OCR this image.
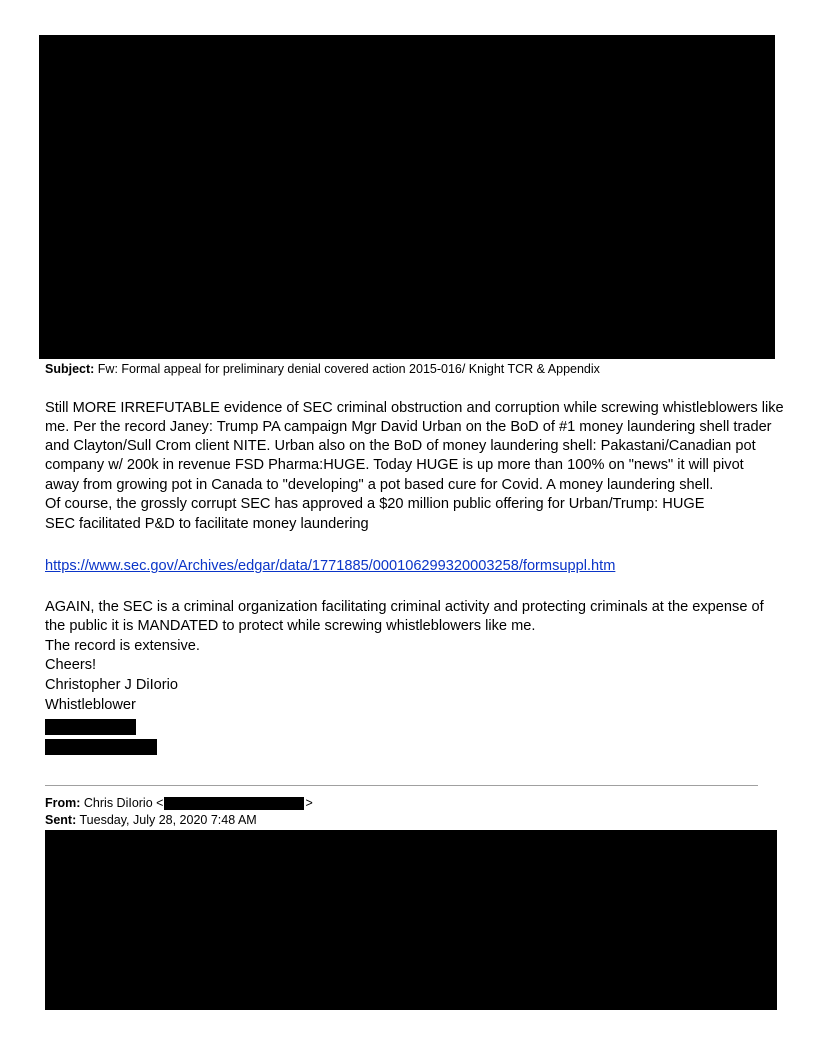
Subject: Fw: Formal appeal for preliminary denial covered action 2015-016/ Knight TCR & Appendix
Still MORE IRREFUTABLE evidence of SEC criminal obstruction and corruption while screwing whistleblowers like
me. Per the record Janey: Trump PA campaign Mgr David Urban on the BoD of #1 money laundering shell trader
and Clayton/Sull Crom client NITE. Urban also on the BoD of money laundering shell: Pakastani/Canadian pot
company w/ 200k in revenue FSD Pharma:HUGE. Today HUGE is up more than 100% on "news" it will pivot
away from growing pot in Canada to "developing" a pot based cure for Covid. A money laundering shell.
Of course, the grossly corrupt SEC has approved a $20 million public offering for Urban/Trump: HUGE
SEC facilitated P&D to facilitate money laundering
https://www.sec.gov/Archives/edgar/data/1771885/000106299320003258/formsuppl.htm
AGAIN, the SEC is a criminal organization facilitating criminal activity and protecting criminals at the expense of
the public it is MANDATED to protect while screwing whistleblowers like me.
The record is extensive.
Cheers!
Christopher J DiIorio
Whistleblower
From: Chris DiIorio <	>
Sent: Tuesday, July 28, 2020 7:48 AM
